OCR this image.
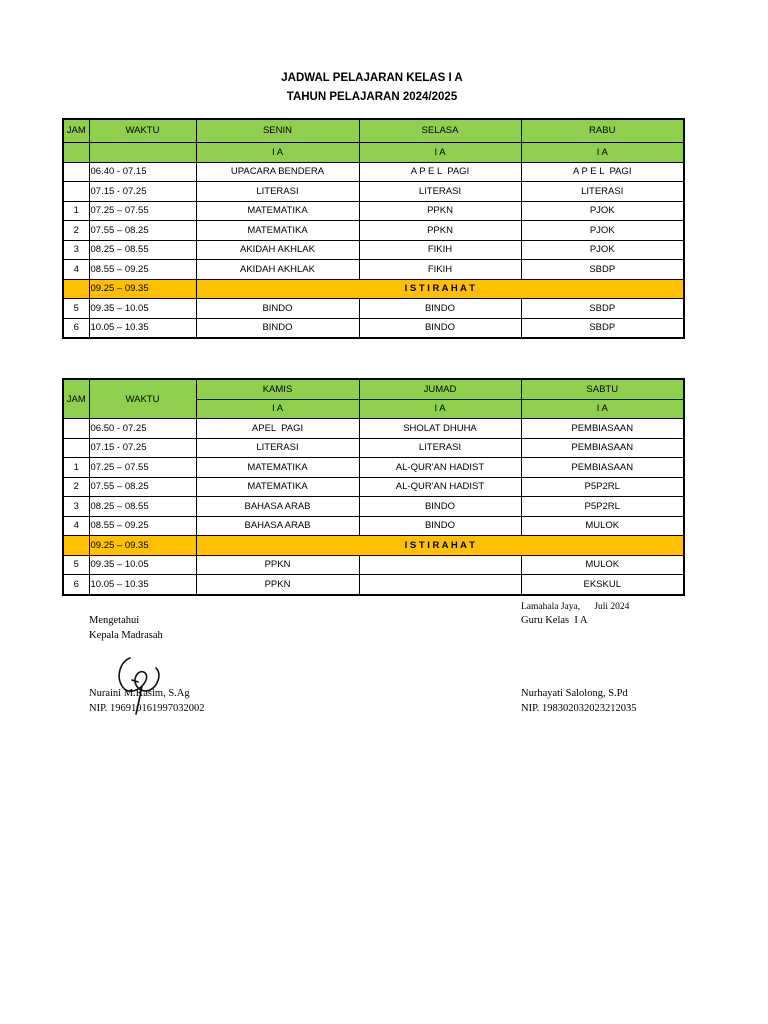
JADWAL PELAJARAN KELAS I A
TAHUN PELAJARAN 2024/2025
JAM	WAKTU	SENIN	SELASA	RABU
		I A	I A	I A
	06.40 - 07.15	UPACARA BENDERA	A P E L  PAGI	A P E L  PAGI
	07.15 - 07.25	LITERASI	LITERASI	LITERASI
1	07.25 – 07.55	MATEMATIKA	PPKN	PJOK
2	07.55 – 08.25	MATEMATIKA	PPKN	PJOK
3	08.25 – 08.55	AKIDAH AKHLAK	FIKIH	PJOK
4	08.55 – 09.25	AKIDAH AKHLAK	FIKIH	SBDP
	09.25 – 09.35	I S T I R A H A T		
5	09.35 – 10.05	BINDO	BINDO	SBDP
6	10.05 – 10.35	BINDO	BINDO	SBDP
JAM	WAKTU	KAMIS	JUMAD	SABTU
		I A	I A	I A
	06.50 - 07.25	APEL  PAGI	SHOLAT DHUHA	PEMBIASAAN
	07.15 - 07.25	LITERASI	LITERASI	PEMBIASAAN
1	07.25 – 07.55	MATEMATIKA	AL-QUR'AN HADIST	PEMBIASAAN
2	07.55 – 08.25	MATEMATIKA	AL-QUR'AN HADIST	P5P2RL
3	08.25 – 08.55	BAHASA ARAB	BINDO	P5P2RL
4	08.55 – 09.25	BAHASA ARAB	BINDO	MULOK
	09.25 – 09.35	I S T I R A H A T		
5	09.35 – 10.05	PPKN		MULOK
6	10.05 – 10.35	PPKN		EKSKUL
Lamahala Jaya,      Juli 2024
Mengetahui
Kepala Madrasah
Guru Kelas  I A
Nuraini M.Kasim, S.Ag
NIP. 196910161997032002
Nurhayati Salolong, S.Pd
NIP. 198302032023212035
